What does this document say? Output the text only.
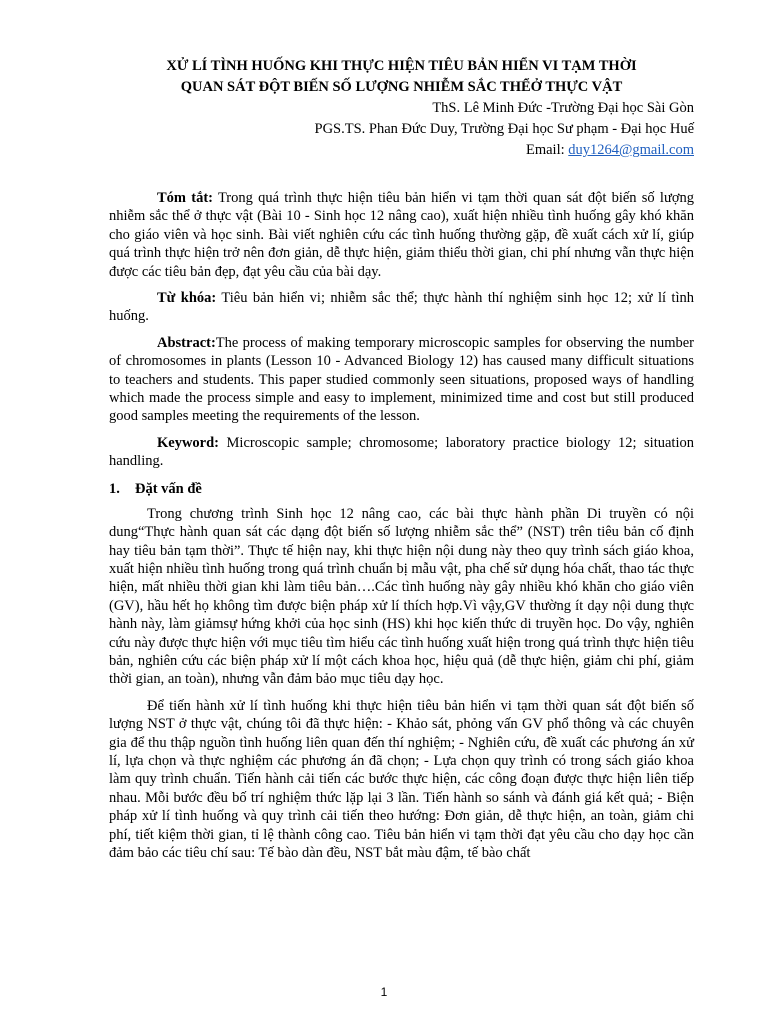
XỬ LÍ TÌNH HUỐNG KHI THỰC HIỆN TIÊU BẢN HIỂN VI TẠM THỜI

QUAN SÁT ĐỘT BIẾN SỐ LƯỢNG NHIỄM SẮC THỂỞ THỰC VẬT

ThS. Lê Minh Đức -Trường Đại học Sài Gòn

PGS.TS. Phan Đức Duy, Trường Đại học Sư phạm - Đại học Huế

Email: duy1264@gmail.com

Tóm tắt: Trong quá trình thực hiện tiêu bản hiển vi tạm thời quan sát đột biến số lượng nhiễm sắc thể ở thực vật (Bài 10 - Sinh học 12 nâng cao), xuất hiện nhiều tình huống gây khó khăn cho giáo viên và học sinh. Bài viết nghiên cứu các tình huống thường gặp, đề xuất cách xử lí, giúp quá trình thực hiện trở nên đơn giản, dễ thực hiện, giảm thiểu thời gian, chi phí nhưng vẫn thực hiện được các tiêu bản đẹp, đạt yêu cầu của bài dạy.

Từ khóa: Tiêu bản hiển vi; nhiễm sắc thể; thực hành thí nghiệm sinh học 12; xử lí tình huống.

Abstract:The process of making temporary microscopic samples for observing the number of chromosomes in plants (Lesson 10 - Advanced Biology 12) has caused many difficult situations to teachers and students. This paper studied commonly seen situations, proposed ways of handling which made the process simple and easy to implement, minimized time and cost but still produced good samples meeting the requirements of the lesson.

Keyword: Microscopic sample; chromosome; laboratory practice biology 12; situation handling.

1. Đặt vấn đề

Trong chương trình Sinh học 12 nâng cao, các bài thực hành phần Di truyền có nội dung“Thực hành quan sát các dạng đột biến số lượng nhiễm sắc thể” (NST) trên tiêu bản cố định hay tiêu bản tạm thời”. Thực tế hiện nay, khi thực hiện nội dung này theo quy trình sách giáo khoa, xuất hiện nhiều tình huống trong quá trình chuẩn bị mẫu vật, pha chế sử dụng hóa chất, thao tác thực hiện, mất nhiều thời gian khi làm tiêu bản….Các tình huống này gây nhiều khó khăn cho giáo viên (GV), hầu hết họ không tìm được biện pháp xử lí thích hợp.Vì vậy,GV thường ít dạy nội dung thực hành này, làm giảmsự hứng khởi của học sinh (HS) khi học kiến thức di truyền học. Do vậy, nghiên cứu này được thực hiện với mục tiêu tìm hiểu các tình huống xuất hiện trong quá trình thực hiện tiêu bản, nghiên cứu các biện pháp xử lí một cách khoa học, hiệu quả (dễ thực hiện, giảm chi phí, giảm thời gian, an toàn), nhưng vẫn đảm bảo mục tiêu dạy học.

Để tiến hành xử lí tình huống khi thực hiện tiêu bản hiển vi tạm thời quan sát đột biến số lượng NST ở thực vật, chúng tôi đã thực hiện: - Khảo sát, phỏng vấn GV phổ thông và các chuyên gia để thu thập nguồn tình huống liên quan đến thí nghiệm; - Nghiên cứu, đề xuất các phương án xử lí, lựa chọn và thực nghiệm các phương án đã chọn; - Lựa chọn quy trình có trong sách giáo khoa làm quy trình chuẩn. Tiến hành cải tiến các bước thực hiện, các công đoạn được thực hiện liên tiếp nhau. Mỗi bước đều bố trí nghiệm thức lặp lại 3 lần. Tiến hành so sánh và đánh giá kết quả; - Biện pháp xử lí tình huống và quy trình cải tiến theo hướng: Đơn giản, dễ thực hiện, an toàn, giảm chi phí, tiết kiệm thời gian, tỉ lệ thành công cao. Tiêu bản hiển vi tạm thời đạt yêu cầu cho dạy học cần đảm bảo các tiêu chí sau: Tế bào dàn đều, NST bắt màu đậm, tế bào chất

1
